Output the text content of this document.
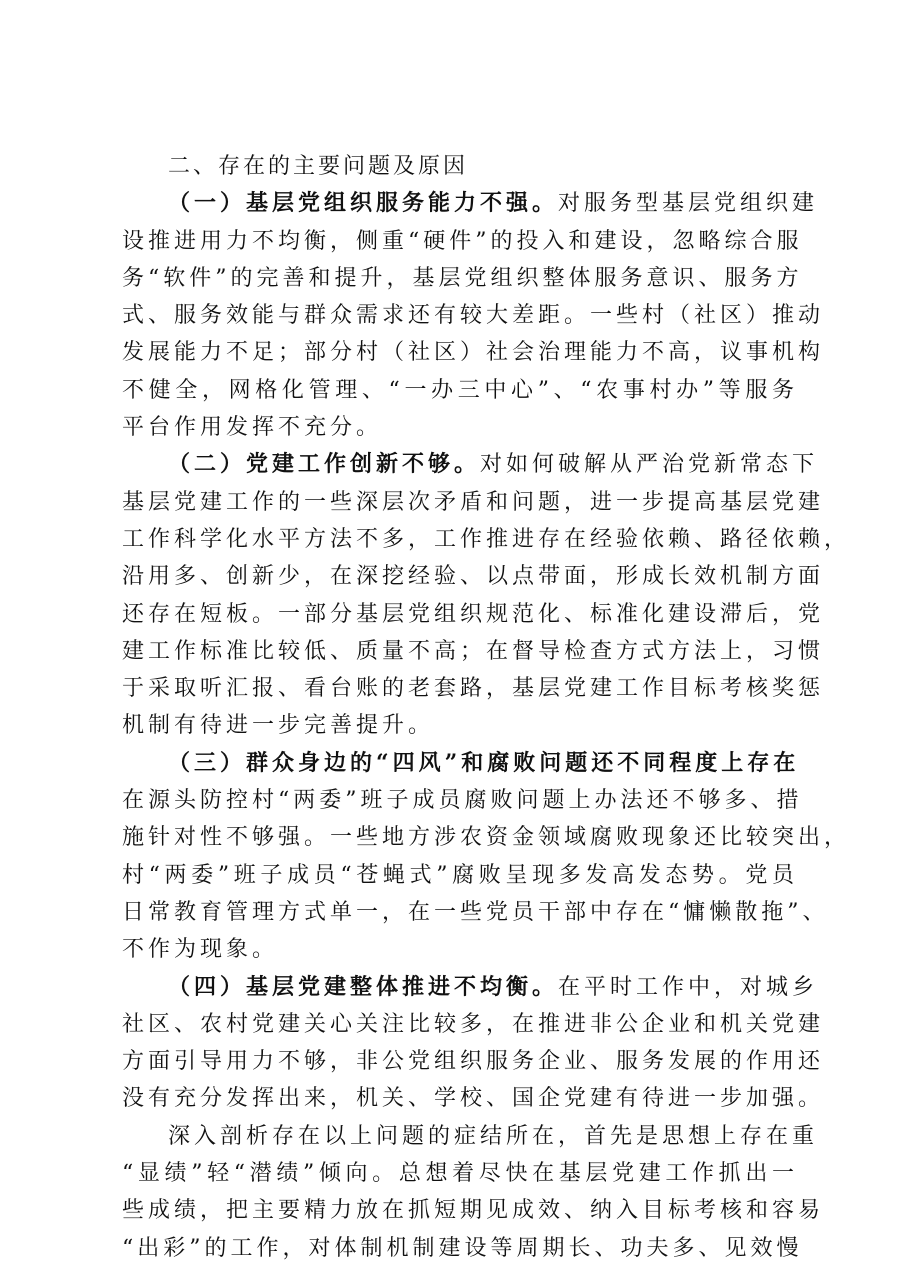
二、存在的主要问题及原因

（一）基层党组织服务能力不强。对服务型基层党组织建
设推进用力不均衡，侧重“硬件”的投入和建设，忽略综合服
务“软件”的完善和提升，基层党组织整体服务意识、服务方
式、服务效能与群众需求还有较大差距。一些村（社区）推动
发展能力不足；部分村（社区）社会治理能力不高，议事机构
不健全，网格化管理、“一办三中心”、“农事村办”等服务
平台作用发挥不充分。
（二）党建工作创新不够。对如何破解从严治党新常态下
基层党建工作的一些深层次矛盾和问题，进一步提高基层党建
工作科学化水平方法不多，工作推进存在经验依赖、路径依赖，
沿用多、创新少，在深挖经验、以点带面，形成长效机制方面
还存在短板。一部分基层党组织规范化、标准化建设滞后，党
建工作标准比较低、质量不高；在督导检查方式方法上，习惯
于采取听汇报、看台账的老套路，基层党建工作目标考核奖惩
机制有待进一步完善提升。
（三）群众身边的“四风”和腐败问题还不同程度上存在
在源头防控村“两委”班子成员腐败问题上办法还不够多、措
施针对性不够强。一些地方涉农资金领域腐败现象还比较突出，
村“两委”班子成员“苍蝇式”腐败呈现多发高发态势。党员
日常教育管理方式单一，在一些党员干部中存在“慵懒散拖”、
不作为现象。
（四）基层党建整体推进不均衡。在平时工作中，对城乡
社区、农村党建关心关注比较多，在推进非公企业和机关党建
方面引导用力不够，非公党组织服务企业、服务发展的作用还
没有充分发挥出来，机关、学校、国企党建有待进一步加强。
深入剖析存在以上问题的症结所在，首先是思想上存在重
“显绩”轻“潜绩”倾向。总想着尽快在基层党建工作抓出一
些成绩，把主要精力放在抓短期见成效、纳入目标考核和容易
“出彩”的工作，对体制机制建设等周期长、功夫多、见效慢
